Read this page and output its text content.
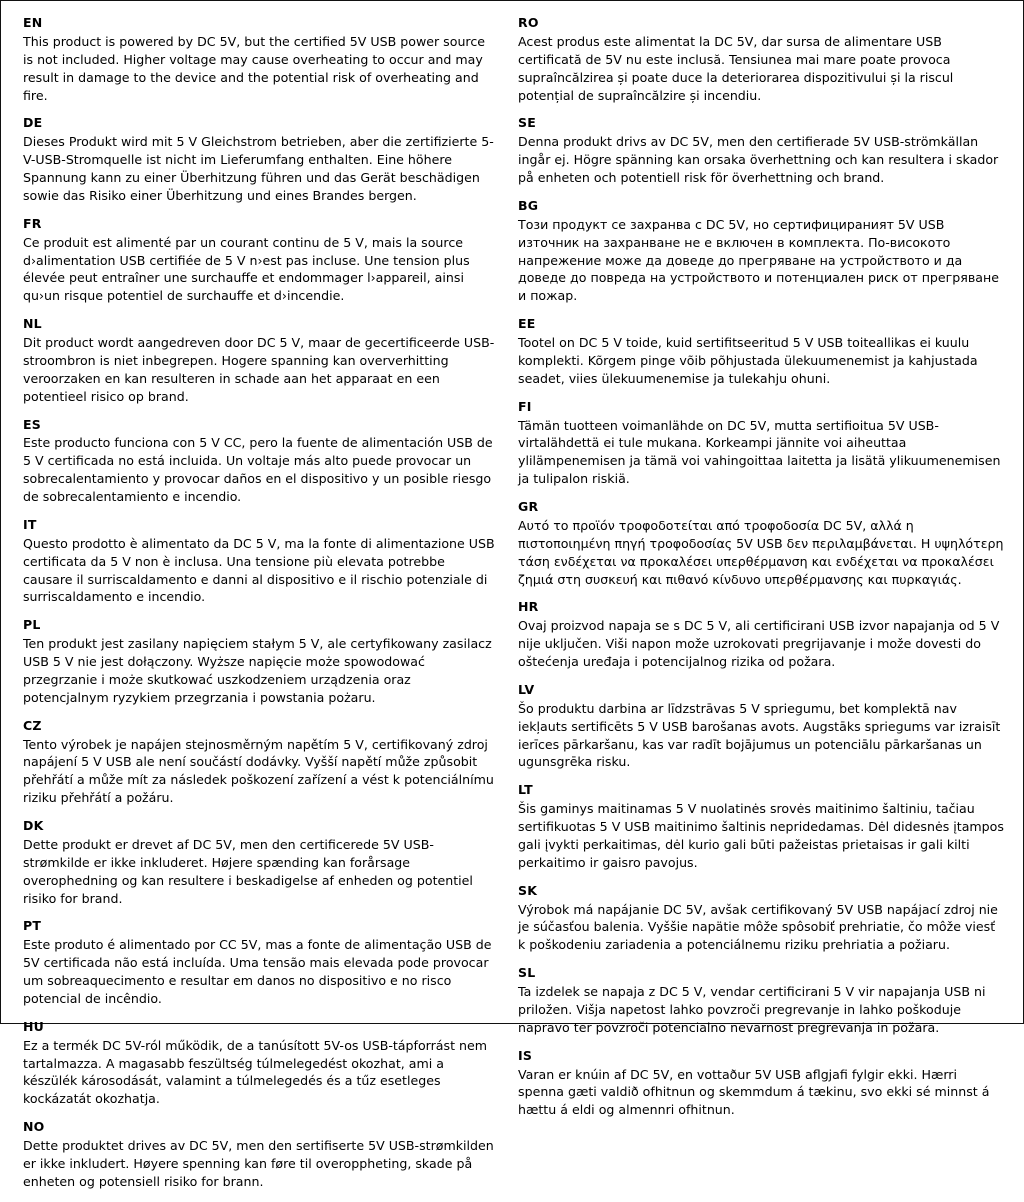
EN
This product is powered by DC 5V, but the certified 5V USB power source is not included. Higher voltage may cause overheating to occur and may result in damage to the device and the potential risk of overheating and fire.
DE
Dieses Produkt wird mit 5 V Gleichstrom betrieben, aber die zertifizierte 5-V-USB-Stromquelle ist nicht im Lieferumfang enthalten. Eine höhere Spannung kann zu einer Überhitzung führen und das Gerät beschädigen sowie das Risiko einer Überhitzung und eines Brandes bergen.
FR
Ce produit est alimenté par un courant continu de 5 V, mais la source d›alimentation USB certifiée de 5 V n›est pas incluse. Une tension plus élevée peut entraîner une surchauffe et endommager l›appareil, ainsi qu›un risque potentiel de surchauffe et d›incendie.
NL
Dit product wordt aangedreven door DC 5 V, maar de gecertificeerde USB-stroombron is niet inbegrepen. Hogere spanning kan oververhitting veroorzaken en kan resulteren in schade aan het apparaat en een potentieel risico op brand.
ES
Este producto funciona con 5 V CC, pero la fuente de alimentación USB de 5 V certificada no está incluida. Un voltaje más alto puede provocar un sobrecalentamiento y provocar daños en el dispositivo y un posible riesgo de sobrecalentamiento e incendio.
IT
Questo prodotto è alimentato da DC 5 V, ma la fonte di alimentazione USB certificata da 5 V non è inclusa. Una tensione più elevata potrebbe causare il surriscaldamento e danni al dispositivo e il rischio potenziale di surriscaldamento e incendio.
PL
Ten produkt jest zasilany napięciem stałym 5 V, ale certyfikowany zasilacz USB 5 V nie jest dołączony. Wyższe napięcie może spowodować przegrzanie i może skutkować uszkodzeniem urządzenia oraz potencjalnym ryzykiem przegrzania i powstania pożaru.
CZ
Tento výrobek je napájen stejnosměrným napětím 5 V, certifikovaný zdroj napájení 5 V USB ale není součástí dodávky. Vyšší napětí může způsobit přehřátí a může mít za následek poškození zařízení a vést k potenciálnímu riziku přehřátí a požáru.
DK
Dette produkt er drevet af DC 5V, men den certificerede 5V USB-strømkilde er ikke inkluderet. Højere spænding kan forårsage overophedning og kan resultere i beskadigelse af enheden og potentiel risiko for brand.
PT
Este produto é alimentado por CC 5V, mas a fonte de alimentação USB de 5V certificada não está incluída. Uma tensão mais elevada pode provocar um sobreaquecimento e resultar em danos no dispositivo e no risco potencial de incêndio.
HU
Ez a termék DC 5V-ról működik, de a tanúsított 5V-os USB-tápforrást nem tartalmazza. A magasabb feszültség túlmelegedést okozhat, ami a készülék károsodását, valamint a túlmelegedés és a tűz esetleges kockázatát okozhatja.
NO
Dette produktet drives av DC 5V, men den sertifiserte 5V USB-strømkilden er ikke inkludert. Høyere spenning kan føre til overoppheting, skade på enheten og potensiell risiko for brann.
RO
Acest produs este alimentat la DC 5V, dar sursa de alimentare USB certificată de 5V nu este inclusă. Tensiunea mai mare poate provoca supraîncălzirea și poate duce la deteriorarea dispozitivului și la riscul potențial de supraîncălzire și incendiu.
SE
Denna produkt drivs av DC 5V, men den certifierade 5V USB-strömkällan ingår ej. Högre spänning kan orsaka överhettning och kan resultera i skador på enheten och potentiell risk för överhettning och brand.
BG
Този продукт се захранва с DC 5V, но сертифицираният 5V USB източник на захранване не е включен в комплекта. По-високото напрежение може да доведе до прегряване на устройството и да доведе до повреда на устройството и потенциален риск от прегряване и пожар.
EE
Tootel on DC 5 V toide, kuid sertifitseeritud 5 V USB toiteallikas ei kuulu komplekti. Kõrgem pinge võib põhjustada ülekuumenemist ja kahjustada seadet, viies ülekuumenemise ja tulekahju ohuni.
FI
Tämän tuotteen voimanlähde on DC 5V, mutta sertifioitua 5V USB-virtalähdettä ei tule mukana. Korkeampi jännite voi aiheuttaa ylilämpenemisen ja tämä voi vahingoittaa laitetta ja lisätä ylikuumenemisen ja tulipalon riskiä.
GR
Αυτό το προϊόν τροφοδοτείται από τροφοδοσία DC 5V, αλλά η πιστοποιημένη πηγή τροφοδοσίας 5V USB δεν περιλαμβάνεται. Η υψηλότερη τάση ενδέχεται να προκαλέσει υπερθέρμανση και ενδέχεται να προκαλέσει ζημιά στη συσκευή και πιθανό κίνδυνο υπερθέρμανσης και πυρκαγιάς.
HR
Ovaj proizvod napaja se s DC 5 V, ali certificirani USB izvor napajanja od 5 V nije uključen. Viši napon može uzrokovati pregrijavanje i može dovesti do oštećenja uređaja i potencijalnog rizika od požara.
LV
Šo produktu darbina ar līdzstrāvas 5 V spriegumu, bet komplektā nav iekļauts sertificēts 5 V USB barošanas avots. Augstāks spriegums var izraisīt ierīces pārkaršanu, kas var radīt bojājumus un potenciālu pārkaršanas un ugunsgrēka risku.
LT
Šis gaminys maitinamas 5 V nuolatinės srovės maitinimo šaltiniu, tačiau sertifikuotas 5 V USB maitinimo šaltinis nepridedamas. Dėl didesnės įtampos gali įvykti perkaitimas, dėl kurio gali būti pažeistas prietaisas ir gali kilti perkaitimo ir gaisro pavojus.
SK
Výrobok má napájanie DC 5V, avšak certifikovaný 5V USB napájací zdroj nie je súčasťou balenia. Vyššie napätie môže spôsobiť prehriatie, čo môže viesť k poškodeniu zariadenia a potenciálnemu riziku prehriatia a požiaru.
SL
Ta izdelek se napaja z DC 5 V, vendar certificirani 5 V vir napajanja USB ni priložen. Višja napetost lahko povzroči pregrevanje in lahko poškoduje napravo ter povzroči potencialno nevarnost pregrevanja in požara.
IS
Varan er knúin af DC 5V, en vottaður 5V USB aflgjafi fylgir ekki. Hærri spenna gæti valdið ofhitnun og skemmdum á tækinu, svo ekki sé minnst á hættu á eldi og almennri ofhitnun.
